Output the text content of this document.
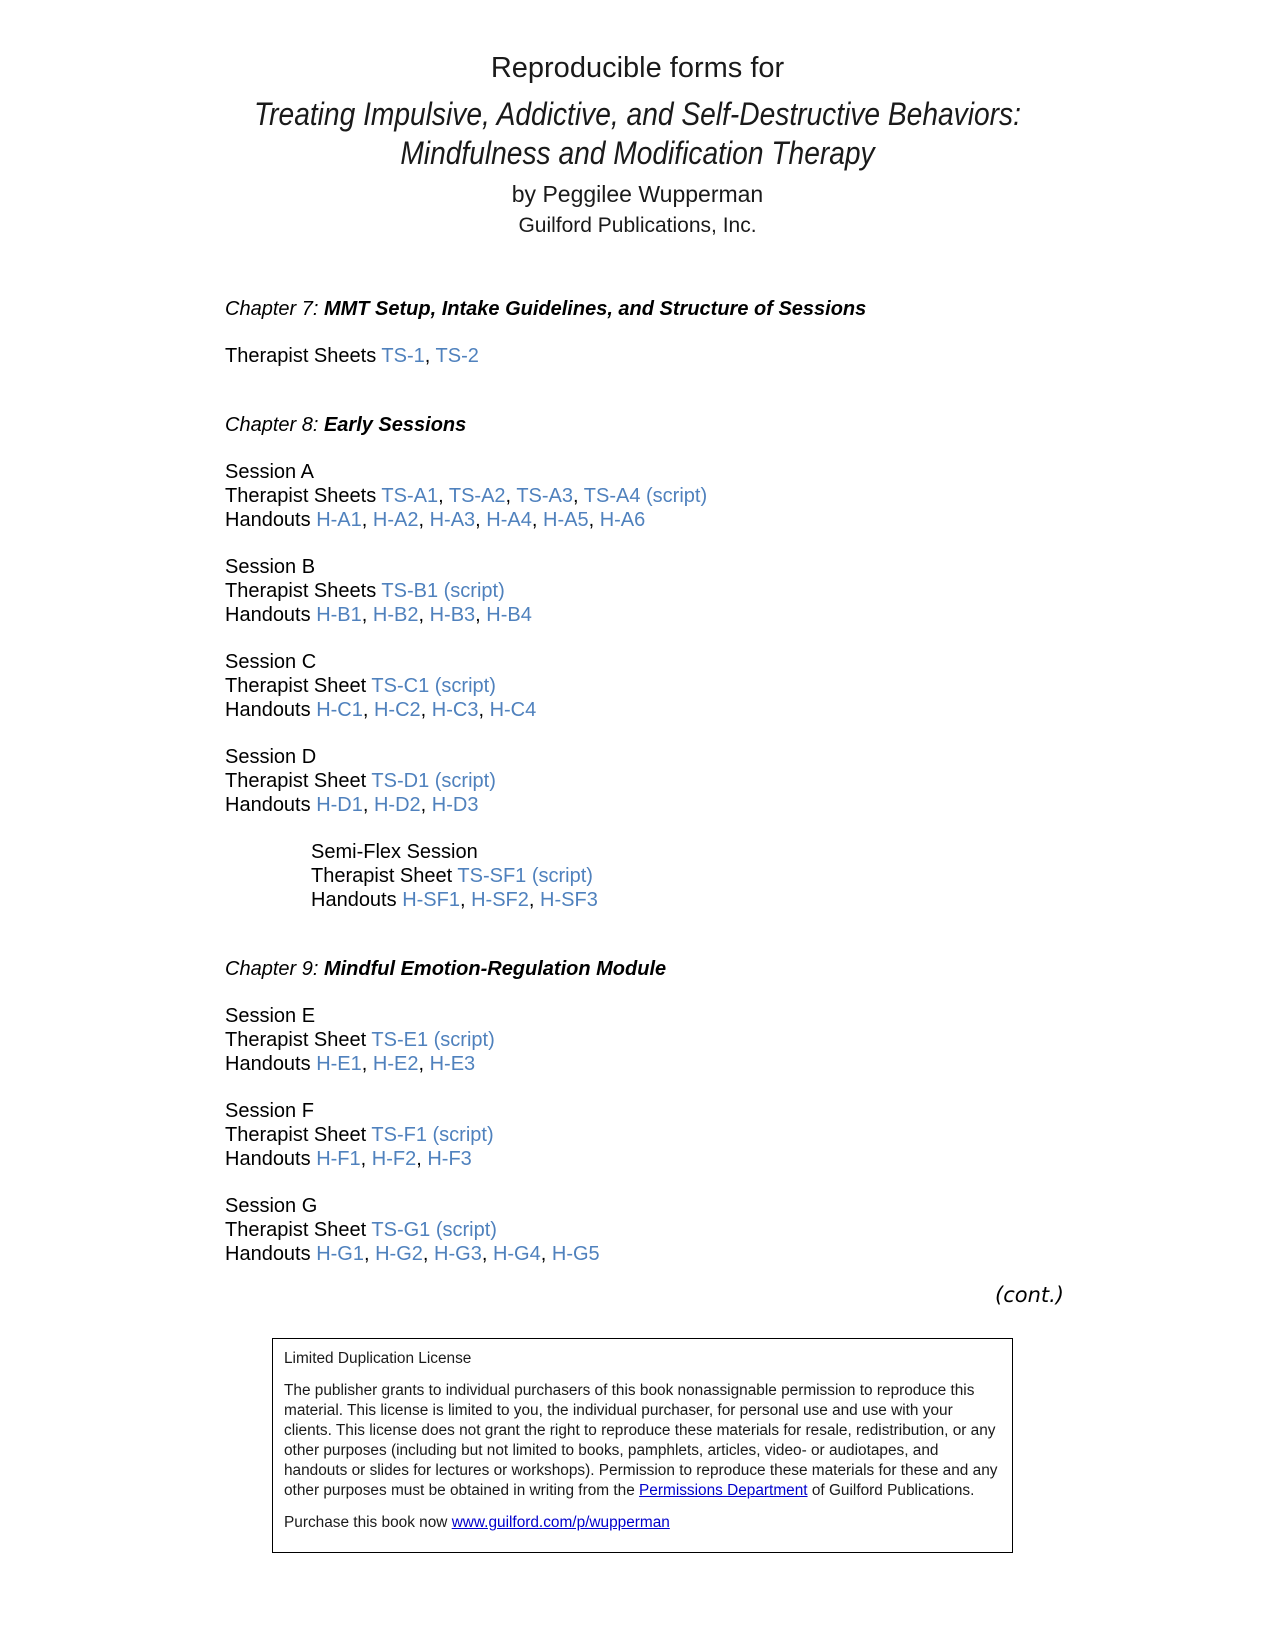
Reproducible forms for
Treating Impulsive, Addictive, and Self-Destructive Behaviors:
Mindfulness and Modification Therapy
by Peggilee Wupperman
Guilford Publications, Inc.
Chapter 7: MMT Setup, Intake Guidelines, and Structure of Sessions
Therapist Sheets TS-1, TS-2
Chapter 8: Early Sessions
Session A
Therapist Sheets TS-A1, TS-A2, TS-A3, TS-A4 (script)
Handouts H-A1, H-A2, H-A3, H-A4, H-A5, H-A6
Session B
Therapist Sheets TS-B1 (script)
Handouts H-B1, H-B2, H-B3, H-B4
Session C
Therapist Sheet TS-C1 (script)
Handouts H-C1, H-C2, H-C3, H-C4
Session D
Therapist Sheet TS-D1 (script)
Handouts H-D1, H-D2, H-D3
Semi-Flex Session
Therapist Sheet TS-SF1 (script)
Handouts H-SF1, H-SF2, H-SF3
Chapter 9: Mindful Emotion-Regulation Module
Session E
Therapist Sheet TS-E1 (script)
Handouts H-E1, H-E2, H-E3
Session F
Therapist Sheet TS-F1 (script)
Handouts H-F1, H-F2, H-F3
Session G
Therapist Sheet TS-G1 (script)
Handouts H-G1, H-G2, H-G3, H-G4, H-G5
(cont.)

Limited Duplication License

The publisher grants to individual purchasers of this book nonassignable permission to reproduce this material. This license is limited to you, the individual purchaser, for personal use and use with your clients. This license does not grant the right to reproduce these materials for resale, redistribution, or any other purposes (including but not limited to books, pamphlets, articles, video- or audiotapes, and handouts or slides for lectures or workshops). Permission to reproduce these materials for these and any other purposes must be obtained in writing from the Permissions Department of Guilford Publications.

Purchase this book now www.guilford.com/p/wupperman
